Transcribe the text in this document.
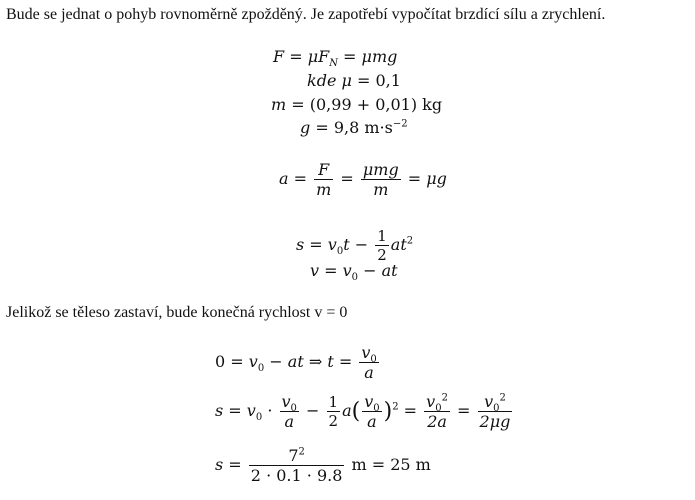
Bude se jednat o pohyb rovnoměrně zpožděný. Je zapotřebí vypočítat brzdící sílu a zrychlení.
$F = \mu F_N = \mu mg$
kde μ = 0,1
m = (0,99 + 0,01) kg
g = 9,8 $m\cdot s^{-2}$
$a = \frac{F}{m} = \frac{\text{μmg}}{m} = \mu g$
$s = v_0t - \frac{1}{2} at^2$
$v = v_0$ − at
Jelikož se těleso zastaví, bude konečná rychlost v = 0
$0 = v_0$ − at ⇒ $t = \frac{v_0}{a}$
$s = v_0 \cdot \frac{v_0}{a} - \frac{1}{2} a( \frac{v_0}{a} )^2 = \frac{v_0^2}{2a} = \frac{v_0^2}{2\mu g}$
$s = \frac{7^2}{2 \cdot 0.1 \cdot 9.8}$ m = 25 m
